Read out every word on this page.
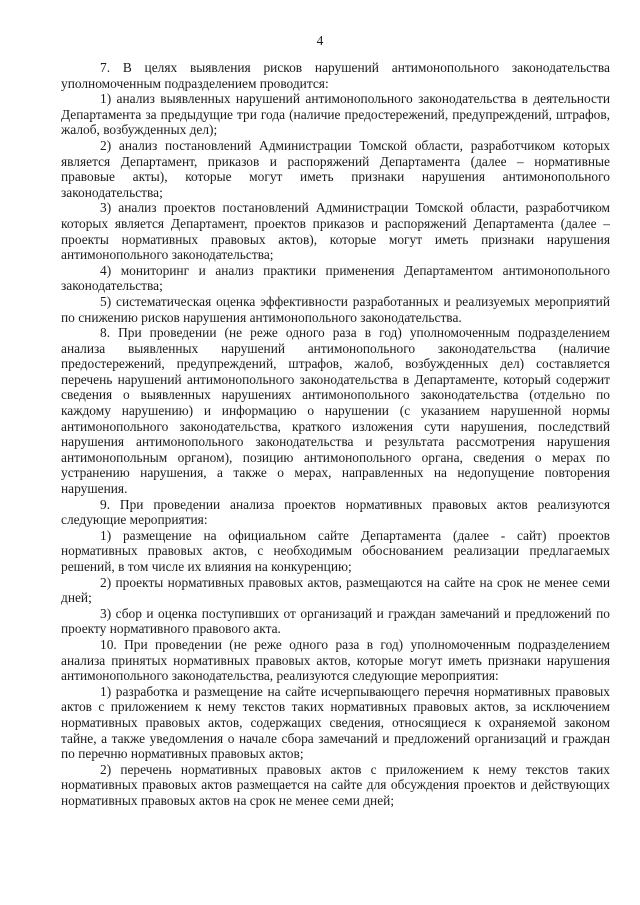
4

7. В целях выявления рисков нарушений антимонопольного законодательства уполномоченным подразделением проводится:

1) анализ выявленных нарушений антимонопольного законодательства в деятельности Департамента за предыдущие три года (наличие предостережений, предупреждений, штрафов, жалоб, возбужденных дел);

2) анализ постановлений Администрации Томской области, разработчиком которых является Департамент, приказов и распоряжений Департамента (далее – нормативные правовые акты), которые могут иметь признаки нарушения антимонопольного законодательства;

3) анализ проектов постановлений Администрации Томской области, разработчиком которых является Департамент, проектов приказов и распоряжений Департамента (далее – проекты нормативных правовых актов), которые могут иметь признаки нарушения антимонопольного законодательства;

4) мониторинг и анализ практики применения Департаментом антимонопольного законодательства;

5) систематическая оценка эффективности разработанных и реализуемых мероприятий по снижению рисков нарушения антимонопольного законодательства.

8. При проведении (не реже одного раза в год) уполномоченным подразделением анализа выявленных нарушений антимонопольного законодательства (наличие предостережений, предупреждений, штрафов, жалоб, возбужденных дел) составляется перечень нарушений антимонопольного законодательства в Департаменте, который содержит сведения о выявленных нарушениях антимонопольного законодательства (отдельно по каждому нарушению) и информацию о нарушении (с указанием нарушенной нормы антимонопольного законодательства, краткого изложения сути нарушения, последствий нарушения антимонопольного законодательства и результата рассмотрения нарушения антимонопольным органом), позицию антимонопольного органа, сведения о мерах по устранению нарушения, а также о мерах, направленных на недопущение повторения нарушения.

9. При проведении анализа проектов нормативных правовых актов реализуются следующие мероприятия:

1) размещение на официальном сайте Департамента (далее - сайт) проектов нормативных правовых актов, с необходимым обоснованием реализации предлагаемых решений, в том числе их влияния на конкуренцию;

2) проекты нормативных правовых актов, размещаются на сайте на срок не менее семи дней;

3) сбор и оценка поступивших от организаций и граждан замечаний и предложений по проекту нормативного правового акта.

10. При проведении (не реже одного раза в год) уполномоченным подразделением анализа принятых нормативных правовых актов, которые могут иметь признаки нарушения антимонопольного законодательства, реализуются следующие мероприятия:

1) разработка и размещение на сайте исчерпывающего перечня нормативных правовых актов с приложением к нему текстов таких нормативных правовых актов, за исключением нормативных правовых актов, содержащих сведения, относящиеся к охраняемой законом тайне, а также уведомления о начале сбора замечаний и предложений организаций и граждан по перечню нормативных правовых актов;

2) перечень нормативных правовых актов с приложением к нему текстов таких нормативных правовых актов размещается на сайте для обсуждения проектов и действующих нормативных правовых актов на срок не менее семи дней;
